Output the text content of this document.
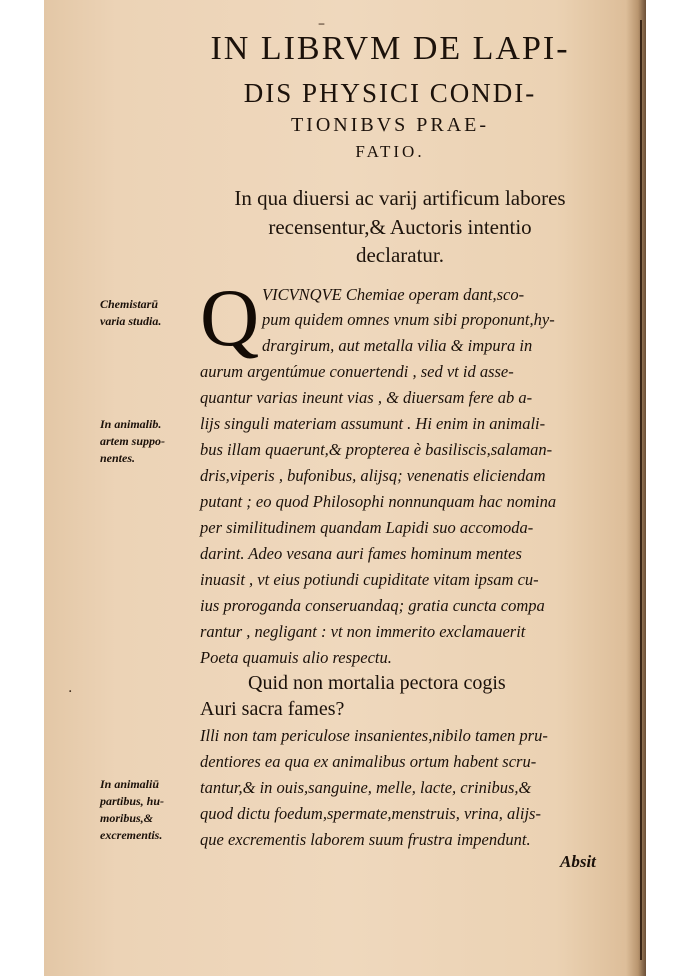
IN LIBRVM DE LAPI-
DIS PHYSICI CONDI-
TIONIBVS PRAE-
FATIO.
In qua diuersi ac varij artificum labores
recensentur,& Auctoris intentio
declaratur.
Q VICVNQVE Chemiae operam dant,sco-
pum quidem omnes vnum sibi proponunt,hy-
drargirum, aut metalla vilia & impura in
aurum argentúmue conuertendi , sed vt id asse-
quantur varias ineunt vias , & diuersam fere ab a-
lijs singuli materiam assumunt . Hi enim in animali-
bus illam quaerunt,& propterea è basiliscis,salaman-
dris,viperis , bufonibus, alijsq; venenatis eliciendam
putant ; eo quod Philosophi nonnunquam hac nomina
per similitudinem quandam Lapidi suo accomoda-
darint. Adeo vesana auri fames hominum mentes
inuasit , vt eius potiundi cupiditate vitam ipsam cu-
ius proroganda conseruandaq; gratia cuncta compa
rantur , negligant : vt non immerito exclamauerit
Poeta quamuis alio respectu.
Quid non mortalia pectora cogis
Auri sacra fames?
Illi non tam periculose insanientes,nibilo tamen pru-
dentiores ea qua ex animalibus ortum habent scru-
tantur,& in ouis,sanguine, melle, lacte, crinibus,&
quod dictu foedum,spermate,menstruis, vrina, alijs-
que excrementis laborem suum frustra impendunt.
Chemistarū
varia studia.
In animalib.
artem suppo-
nentes.
In animaliū
partibus, hu-
moribus,&
excrementis.
Absit
–
·
